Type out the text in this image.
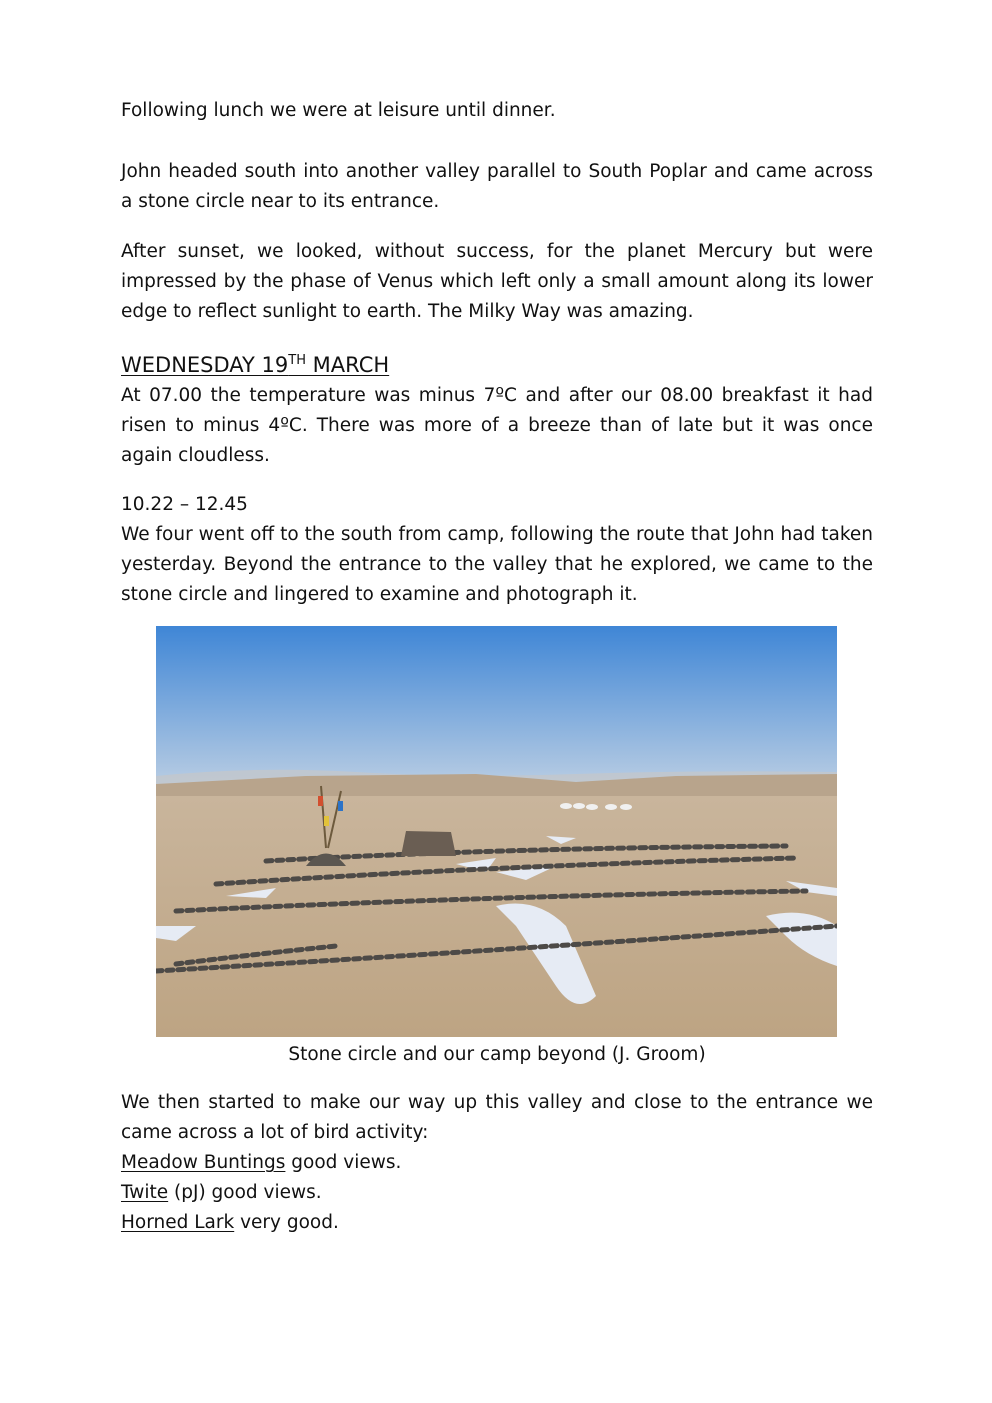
Following lunch we were at leisure until dinner.

John headed south into another valley parallel to South Poplar and came across a stone circle near to its entrance.

After sunset, we looked, without success, for the planet Mercury but were impressed by the phase of Venus which left only a small amount along its lower edge to reflect sunlight to earth. The Milky Way was amazing.

WEDNESDAY 19TH MARCH

At 07.00 the temperature was minus 7ºC and after our 08.00 breakfast it had risen to minus 4ºC. There was more of a breeze than of late but it was once again cloudless.

10.22 – 12.45

We four went off to the south from camp, following the route that John had taken yesterday. Beyond the entrance to the valley that he explored, we came to the stone circle and lingered to examine and photograph it.

Stone circle and our camp beyond (J. Groom)

We then started to make our way up this valley and close to the entrance we came across a lot of bird activity:

Meadow Buntings good views.
Twite (pJ) good views.
Horned Lark very good.
